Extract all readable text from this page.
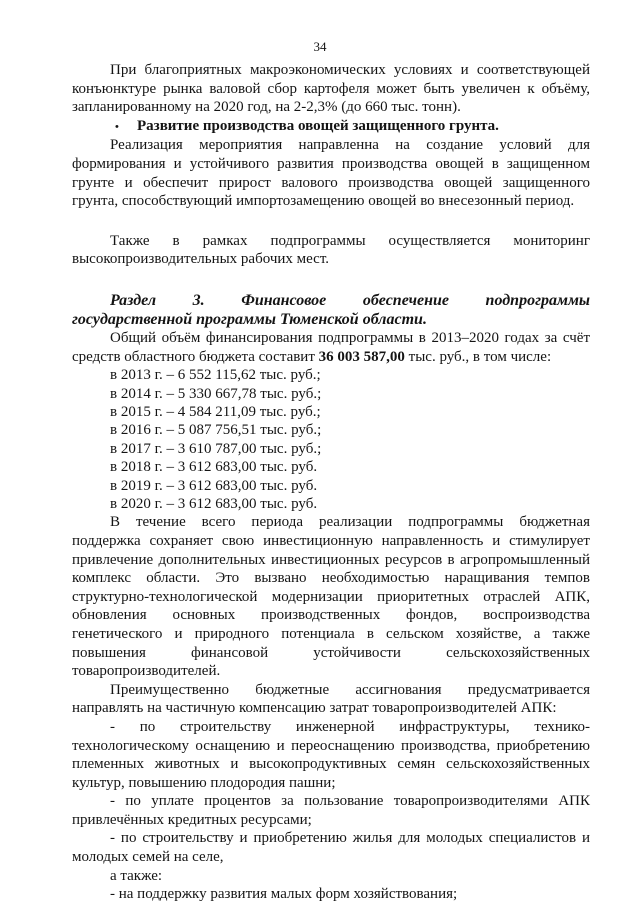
34

При благоприятных макроэкономических условиях и соответствующей

конъюнктуре рынка валовой сбор картофеля может быть увеличен к объёму,

запланированному на 2020 год, на 2-2,3% (до 660 тыс. тонн).

•	Развитие производства овощей защищенного грунта.

Реализация мероприятия направленна на создание условий для

формирования и устойчивого развития производства овощей в защищенном

грунте и обеспечит прирост валового производства овощей защищенного

грунта, способствующий импортозамещению овощей во внесезонный период.

Также в рамках подпрограммы осуществляется мониторинг

высокопроизводительных рабочих мест.

Раздел 3. Финансовое обеспечение подпрограммы

государственной программы Тюменской области.

Общий объём финансирования подпрограммы в 2013–2020 годах за счёт

средств областного бюджета составит 36 003 587,00 тыс. руб., в том числе:

в 2013 г. – 6 552 115,62 тыс. руб.;

в 2014 г. – 5 330 667,78 тыс. руб.;

в 2015 г. – 4 584 211,09 тыс. руб.;

в 2016 г. – 5 087 756,51 тыс. руб.;

в 2017 г. – 3 610 787,00 тыс. руб.;

в 2018 г. – 3 612 683,00 тыс. руб.

в 2019 г. – 3 612 683,00 тыс. руб.

в 2020 г. – 3 612 683,00 тыс. руб.

В течение всего периода реализации подпрограммы бюджетная

поддержка сохраняет свою инвестиционную направленность и стимулирует

привлечение дополнительных инвестиционных ресурсов в агропромышленный

комплекс области. Это вызвано необходимостью наращивания темпов

структурно-технологической модернизации приоритетных отраслей АПК,

обновления основных производственных фондов, воспроизводства

генетического и природного потенциала в сельском хозяйстве, а также

повышения финансовой устойчивости сельскохозяйственных

товаропроизводителей.

Преимущественно бюджетные ассигнования предусматривается

направлять на частичную компенсацию затрат товаропроизводителей АПК:

- по строительству инженерной инфраструктуры, технико-

технологическому оснащению и переоснащению производства, приобретению

племенных животных и высокопродуктивных семян сельскохозяйственных

культур, повышению плодородия пашни;

- по уплате процентов за пользование товаропроизводителями АПК

привлечённых кредитных ресурсами;

- по строительству и приобретению жилья для молодых специалистов и

молодых семей на селе,

а также:

- на поддержку развития малых форм хозяйствования;
